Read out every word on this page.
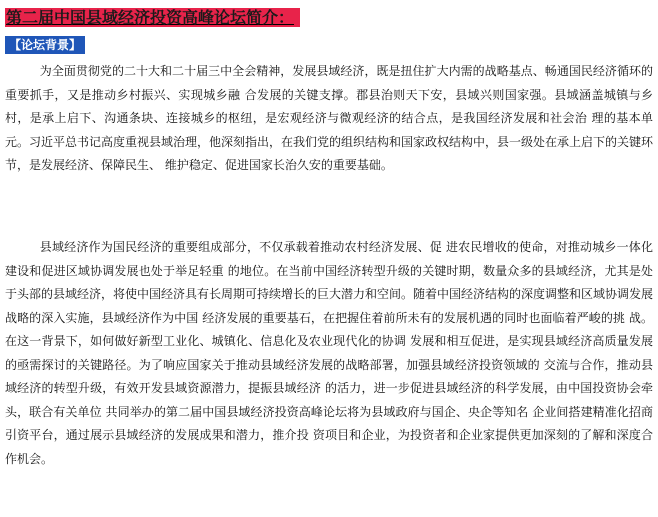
第二届中国县域经济投资高峰论坛简介：
【论坛背景】

为全面贯彻党的二十大和二十届三中全会精神，发展县域经济，既是扭住扩大内需的战略基点、畅通国民经济循环的重要抓手，又是推动乡村振兴、实现城乡融 合发展的关键支撑。郡县治则天下安，县域兴则国家强。县域涵盖城镇与乡村，是承上启下、沟通条块、连接城乡的枢纽，是宏观经济与微观经济的结合点，是我国经济发展和社会治 理的基本单元。习近平总书记高度重视县域治理，他深刻指出，在我们党的组织结构和国家政权结构中，县一级处在承上启下的关键环节，是发展经济、保障民生、 维护稳定、促进国家长治久安的重要基础。

县域经济作为国民经济的重要组成部分，不仅承载着推动农村经济发展、促 进农民增收的使命，对推动城乡一体化建设和促进区域协调发展也处于举足轻重 的地位。在当前中国经济转型升级的关键时期，数量众多的县域经济，尤其是处 于头部的县域经济，将使中国经济具有长周期可持续增长的巨大潜力和空间。随着中国经济结构的深度调整和区域协调发展战略的深入实施，县域经济作为中国 经济发展的重要基石，在把握住着前所未有的发展机遇的同时也面临着严峻的挑 战。在这一背景下，如何做好新型工业化、城镇化、信息化及农业现代化的协调 发展和相互促进，是实现县域经济高质量发展的亟需探讨的关键路径。为了响应国家关于推动县域经济发展的战略部署，加强县域经济投资领域的 交流与合作，推动县域经济的转型升级，有效开发县域资源潜力，提振县域经济 的活力，进一步促进县域经济的科学发展，由中国投资协会牵头，联合有关单位 共同举办的第二届中国县域经济投资高峰论坛将为县域政府与国企、央企等知名 企业间搭建精准化招商引资平台，通过展示县域经济的发展成果和潜力，推介投 资项目和企业，为投资者和企业家提供更加深刻的了解和深度合作机会。
